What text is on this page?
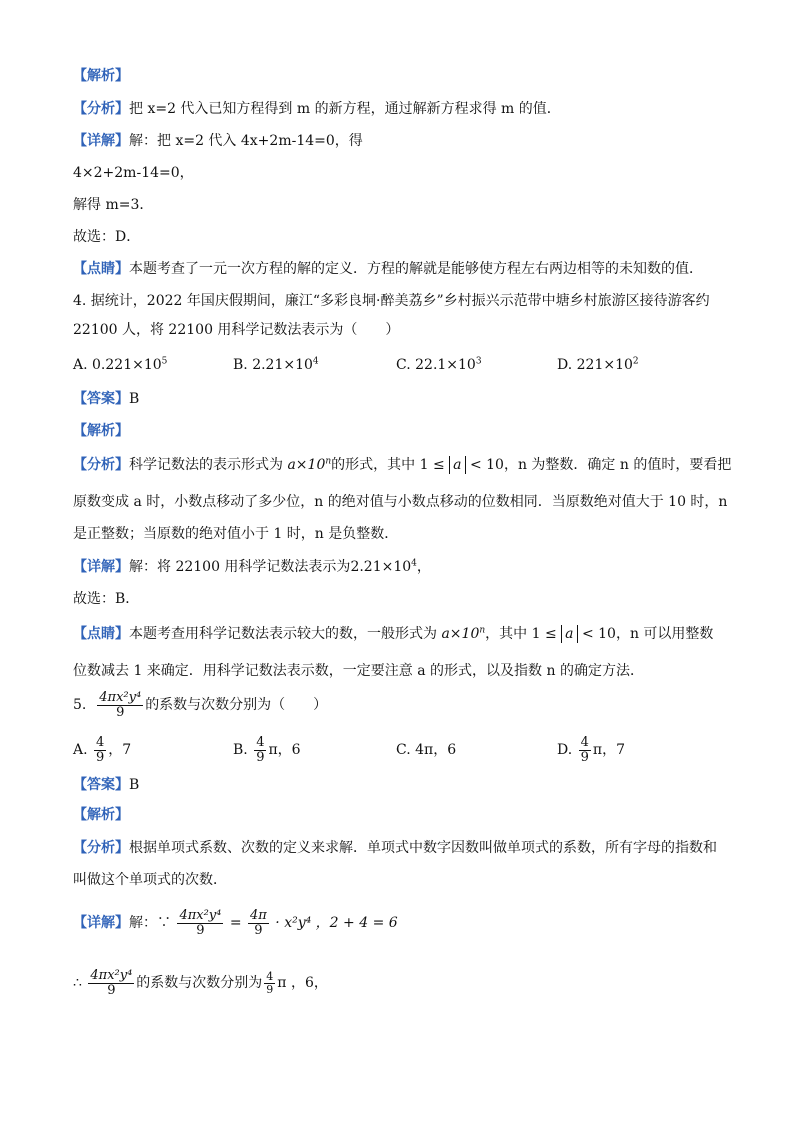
【解析】
【分析】把 x=2 代入已知方程得到 m 的新方程，通过解新方程求得 m 的值．
【详解】解：把 x=2 代入 4x+2m-14=0，得
4×2+2m-14=0，
解得 m=3．
故选：D．
【点睛】本题考查了一元一次方程的解的定义．方程的解就是能够使方程左右两边相等的未知数的值．
4. 据统计，2022 年国庆假期间，廉江“多彩良垌·醉美荔乡”乡村振兴示范带中塘乡村旅游区接待游客约
22100 人，将 22100 用科学记数法表示为（　　）
A. $0.221\times 10^5$	B. $2.21\times 10^4$	C. $22.1\times 10^3$	D. $221\times 10^2$
【答案】B
【解析】
【分析】科学记数法的表示形式为 $a\times 10^n$的形式，其中 1 ≤ a < 10，n 为整数．确定 n 的值时，要看把
原数变成 a 时，小数点移动了多少位，n 的绝对值与小数点移动的位数相同．当原数绝对值大于 10 时，n
是正整数；当原数的绝对值小于 1 时，n 是负整数．
【详解】解：将 22100 用科学记数法表示为$2.21\times 10^4$，
故选：B．
【点睛】本题考查用科学记数法表示较大的数，一般形式为 $a\times 10^n$，其中 1 ≤ a < 10，n 可以用整数
位数减去 1 来确定．用科学记数法表示数，一定要注意 a 的形式，以及指数 n 的确定方法．
5. $\frac{\text{4πx²y⁴}}{9}$ 的系数与次数分别为（　　）
A. $\frac{4}{9}$ ，7	B. $\frac{4}{9}$ π，6	C. 4π，6	D. $\frac{4}{9}$ π，7
【答案】B
【解析】
【分析】根据单项式系数、次数的定义来求解．单项式中数字因数叫做单项式的系数，所有字母的指数和
叫做这个单项式的次数．
【详解】解：∵ $\frac{\text{4πx²y⁴}}{9} = \frac{4\pi}{9} \cdot x^2y^4$ ，2 + 4 = 6
∴ $\frac{\text{4πx²y⁴}}{9}$ 的系数与次数分别为 $\frac{4}{9}$ π ，6，
